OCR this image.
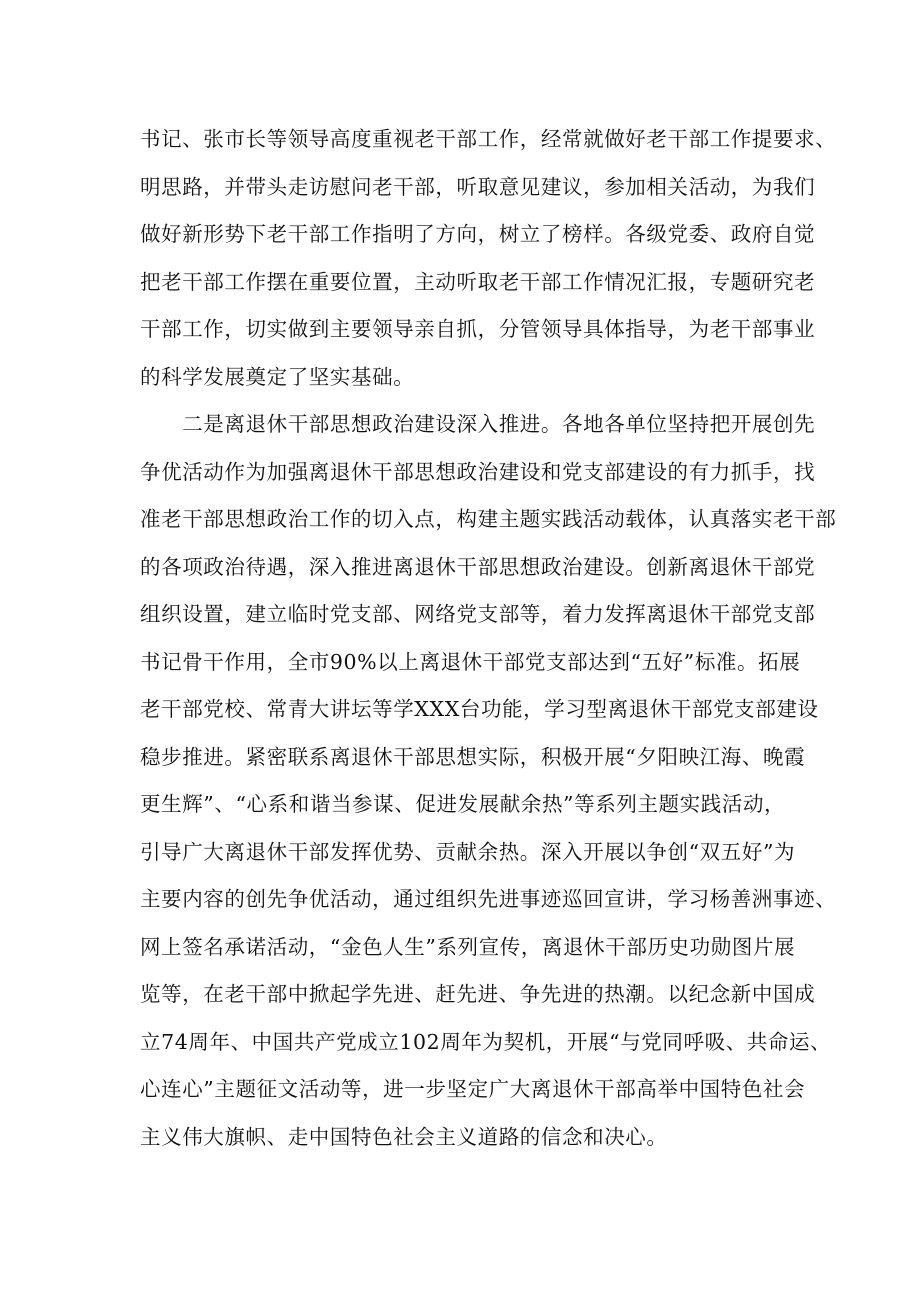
书记、张市长等领导高度重视老干部工作，经常就做好老干部工作提要求、
明思路，并带头走访慰问老干部，听取意见建议，参加相关活动，为我们
做好新形势下老干部工作指明了方向，树立了榜样。各级党委、政府自觉
把老干部工作摆在重要位置，主动听取老干部工作情况汇报，专题研究老
干部工作，切实做到主要领导亲自抓，分管领导具体指导，为老干部事业
的科学发展奠定了坚实基础。
　　二是离退休干部思想政治建设深入推进。各地各单位坚持把开展创先
争优活动作为加强离退休干部思想政治建设和党支部建设的有力抓手，找
准老干部思想政治工作的切入点，构建主题实践活动载体，认真落实老干部
的各项政治待遇，深入推进离退休干部思想政治建设。创新离退休干部党
组织设置，建立临时党支部、网络党支部等，着力发挥离退休干部党支部
书记骨干作用，全市90%以上离退休干部党支部达到“五好”标准。拓展
老干部党校、常青大讲坛等学XXX台功能，学习型离退休干部党支部建设
稳步推进。紧密联系离退休干部思想实际，积极开展“夕阳映江海、晚霞
更生辉”、“心系和谐当参谋、促进发展献余热”等系列主题实践活动，
引导广大离退休干部发挥优势、贡献余热。深入开展以争创“双五好”为
主要内容的创先争优活动，通过组织先进事迹巡回宣讲，学习杨善洲事迹、
网上签名承诺活动，“金色人生”系列宣传，离退休干部历史功勋图片展
览等，在老干部中掀起学先进、赶先进、争先进的热潮。以纪念新中国成
立74周年、中国共产党成立102周年为契机，开展“与党同呼吸、共命运、
心连心”主题征文活动等，进一步坚定广大离退休干部高举中国特色社会
主义伟大旗帜、走中国特色社会主义道路的信念和决心。
